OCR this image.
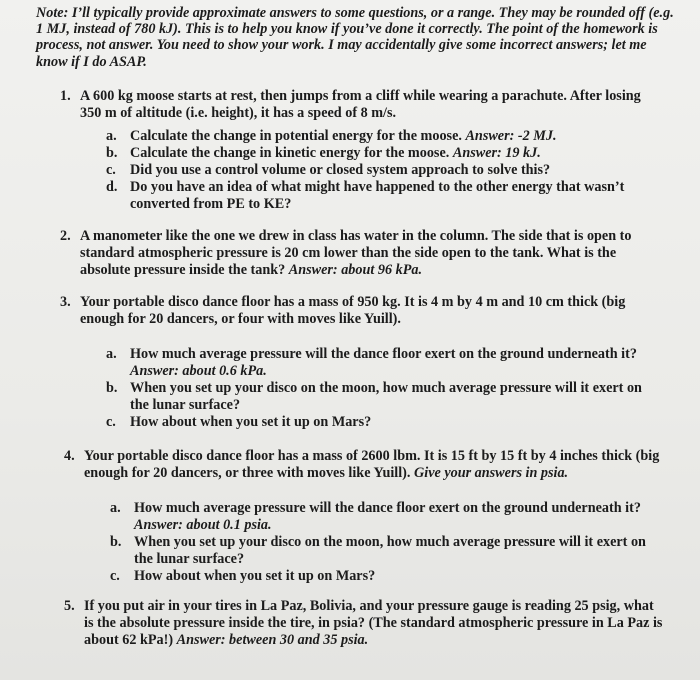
Note: I’ll typically provide approximate answers to some questions, or a range. They may be rounded off (e.g. 1 MJ, instead of 780 kJ). This is to help you know if you’ve done it correctly. The point of the homework is process, not answer. You need to show your work. I may accidentally give some incorrect answers; let me know if I do ASAP.
1. A 600 kg moose starts at rest, then jumps from a cliff while wearing a parachute. After losing 350 m of altitude (i.e. height), it has a speed of 8 m/s.
a. Calculate the change in potential energy for the moose. Answer: -2 MJ.
b. Calculate the change in kinetic energy for the moose. Answer: 19 kJ.
c. Did you use a control volume or closed system approach to solve this?
d. Do you have an idea of what might have happened to the other energy that wasn’t converted from PE to KE?
2. A manometer like the one we drew in class has water in the column. The side that is open to standard atmospheric pressure is 20 cm lower than the side open to the tank. What is the absolute pressure inside the tank? Answer: about 96 kPa.
3. Your portable disco dance floor has a mass of 950 kg. It is 4 m by 4 m and 10 cm thick (big enough for 20 dancers, or four with moves like Yuill).
a. How much average pressure will the dance floor exert on the ground underneath it? Answer: about 0.6 kPa.
b. When you set up your disco on the moon, how much average pressure will it exert on the lunar surface?
c. How about when you set it up on Mars?
4. Your portable disco dance floor has a mass of 2600 lbm. It is 15 ft by 15 ft by 4 inches thick (big enough for 20 dancers, or three with moves like Yuill). Give your answers in psia.
a. How much average pressure will the dance floor exert on the ground underneath it? Answer: about 0.1 psia.
b. When you set up your disco on the moon, how much average pressure will it exert on the lunar surface?
c. How about when you set it up on Mars?
5. If you put air in your tires in La Paz, Bolivia, and your pressure gauge is reading 25 psig, what is the absolute pressure inside the tire, in psia? (The standard atmospheric pressure in La Paz is about 62 kPa!) Answer: between 30 and 35 psia.
